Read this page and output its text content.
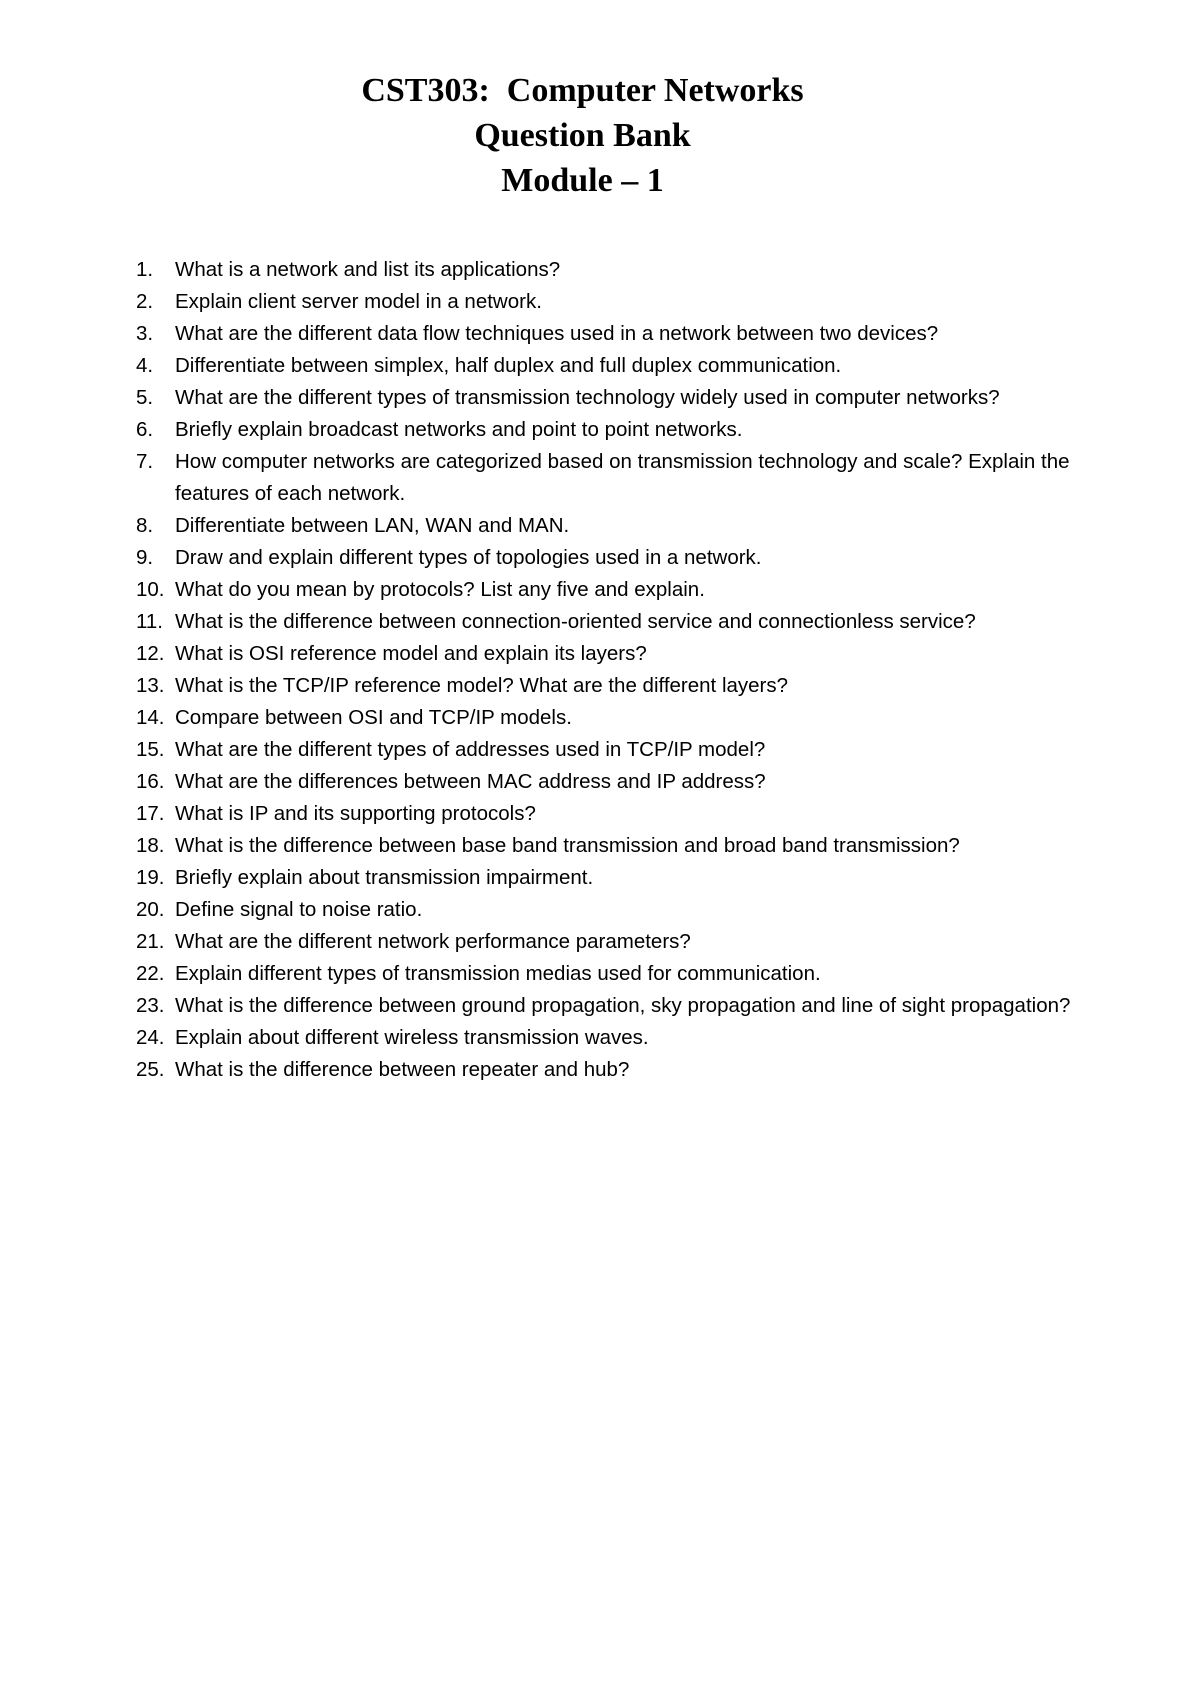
CST303:  Computer Networks
Question Bank
Module – 1
1.	What is a network and list its applications?
2.	Explain client server model in a network.
3.	What are the different data flow techniques used in a network between two devices?
4.	Differentiate between simplex, half duplex and full duplex communication.
5.	What are the different types of transmission technology widely used in computer networks?
6.	Briefly explain broadcast networks and point to point networks.
7.	How computer networks are categorized based on transmission technology and scale? Explain the features of each network.
8.	Differentiate between LAN, WAN and MAN.
9.	Draw and explain different types of topologies used in a network.
10. What do you mean by protocols? List any five and explain.
11. What is the difference between connection-oriented service and connectionless service?
12. What is OSI reference model and explain its layers?
13. What is the TCP/IP reference model? What are the different layers?
14. Compare between OSI and TCP/IP models.
15. What are the different types of addresses used in TCP/IP model?
16. What are the differences between MAC address and IP address?
17. What is IP and its supporting protocols?
18. What is the difference between base band transmission and broad band transmission?
19. Briefly explain about transmission impairment.
20. Define signal to noise ratio.
21. What are the different network performance parameters?
22. Explain different types of transmission medias used for communication.
23. What is the difference between ground propagation, sky propagation and line of sight propagation?
24. Explain about different wireless transmission waves.
25. What is the difference between repeater and hub?
